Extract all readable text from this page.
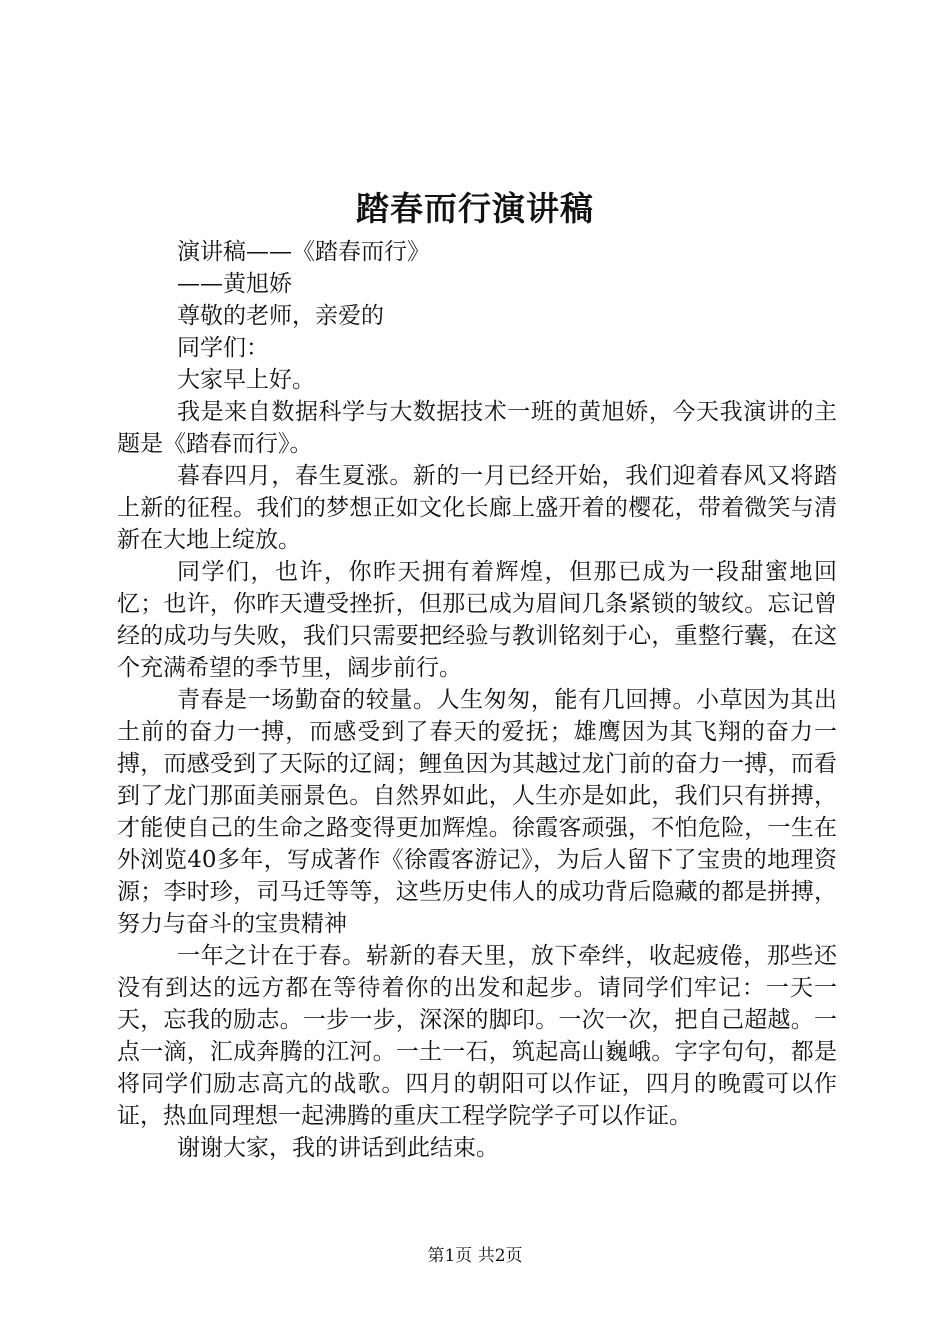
踏春而行演讲稿

演讲稿——《踏春而行》

——黄旭娇

尊敬的老师，亲爱的

同学们：

大家早上好。

我是来自数据科学与大数据技术一班的黄旭娇，今天我演讲的主题是《踏春而行》。

暮春四月，春生夏涨。新的一月已经开始，我们迎着春风又将踏上新的征程。我们的梦想正如文化长廊上盛开着的樱花，带着微笑与清新在大地上绽放。

同学们，也许，你昨天拥有着辉煌，但那已成为一段甜蜜地回忆；也许，你昨天遭受挫折，但那已成为眉间几条紧锁的皱纹。忘记曾经的成功与失败，我们只需要把经验与教训铭刻于心，重整行囊，在这个充满希望的季节里，阔步前行。

青春是一场勤奋的较量。人生匆匆，能有几回搏。小草因为其出土前的奋力一搏，而感受到了春天的爱抚；雄鹰因为其飞翔的奋力一搏，而感受到了天际的辽阔；鲤鱼因为其越过龙门前的奋力一搏，而看到了龙门那面美丽景色。自然界如此，人生亦是如此，我们只有拼搏，才能使自己的生命之路变得更加辉煌。徐霞客顽强，不怕危险，一生在外浏览40多年，写成著作《徐霞客游记》，为后人留下了宝贵的地理资源；李时珍，司马迁等等，这些历史伟人的成功背后隐藏的都是拼搏，努力与奋斗的宝贵精神

一年之计在于春。崭新的春天里，放下牵绊，收起疲倦，那些还没有到达的远方都在等待着你的出发和起步。请同学们牢记：一天一天，忘我的励志。一步一步，深深的脚印。一次一次，把自己超越。一点一滴，汇成奔腾的江河。一土一石，筑起高山巍峨。字字句句，都是将同学们励志高亢的战歌。四月的朝阳可以作证，四月的晚霞可以作证，热血同理想一起沸腾的重庆工程学院学子可以作证。

谢谢大家，我的讲话到此结束。

第1页 共2页
